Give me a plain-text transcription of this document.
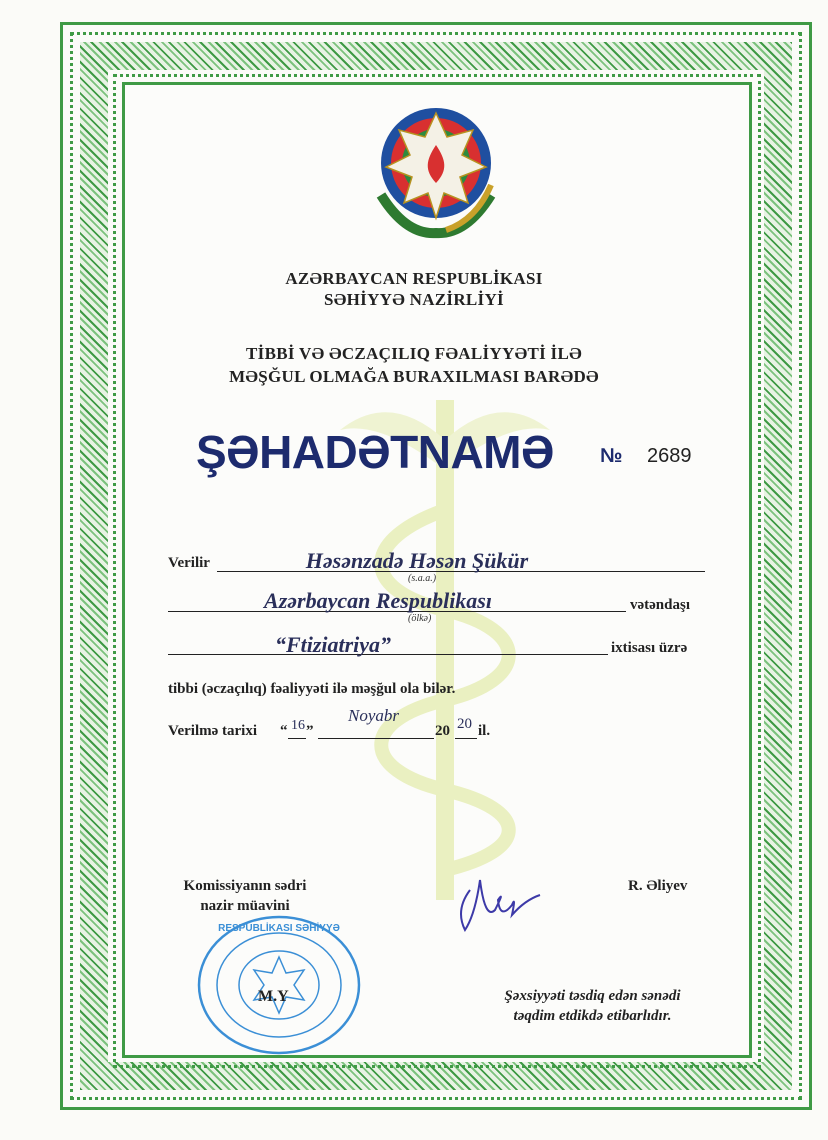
AZƏRBAYCAN RESPUBLİKASI
SƏHİYYƏ NAZİRLİYİ
TİBBİ VƏ ƏCZAÇILIQ FƏALİYYƏTİ İLƏ
MƏŞĞUL OLMAĞA BURAXILMASI BARƏDƏ
ŞƏHADƏTNAMƏ № 2689
Verilir	Həsənzadə Həsən Şükür
(s.a.a.)
Azərbaycan Respublikası
(ölkə)
vətəndaşı
“Ftiziatriya”	ixtisası üzrə
tibbi (əczaçılıq) fəaliyyəti ilə məşğul ola bilər.
Verilmə tarixi “ 16 ”
Noyabr
20 20 il.
Komissiyanın sədri
nazir müavini
R. Əliyev
RESPUBLİKASI SƏHİYYƏ
M.Y	Şəxsiyyəti təsdiq edən sənədi
təqdim etdikdə etibarlıdır.
